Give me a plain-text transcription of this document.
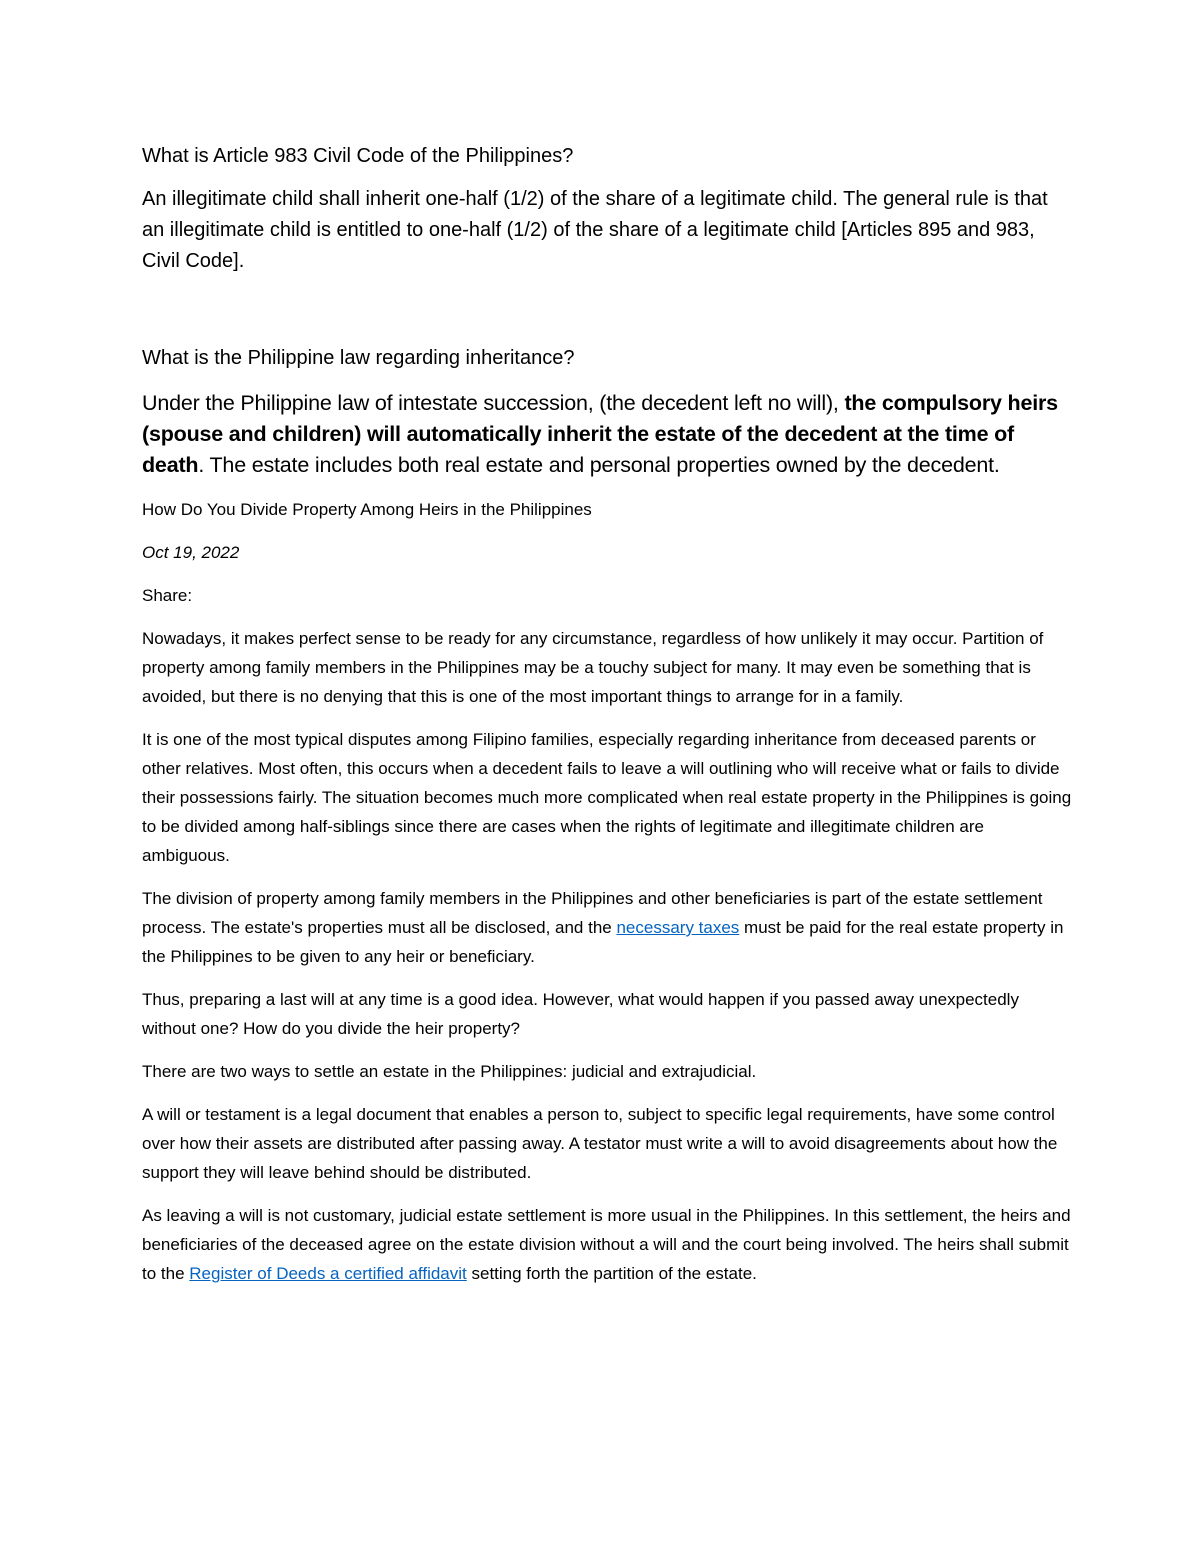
What is Article 983 Civil Code of the Philippines?

An illegitimate child shall inherit one-half (1/2) of the share of a legitimate child. The general rule is that an illegitimate child is entitled to one-half (1/2) of the share of a legitimate child [Articles 895 and 983, Civil Code].

What is the Philippine law regarding inheritance?

Under the Philippine law of intestate succession, (the decedent left no will), the compulsory heirs (spouse and children) will automatically inherit the estate of the decedent at the time of death. The estate includes both real estate and personal properties owned by the decedent.

How Do You Divide Property Among Heirs in the Philippines

Oct 19, 2022

Share:

Nowadays, it makes perfect sense to be ready for any circumstance, regardless of how unlikely it may occur. Partition of property among family members in the Philippines may be a touchy subject for many. It may even be something that is avoided, but there is no denying that this is one of the most important things to arrange for in a family.

It is one of the most typical disputes among Filipino families, especially regarding inheritance from deceased parents or other relatives. Most often, this occurs when a decedent fails to leave a will outlining who will receive what or fails to divide their possessions fairly. The situation becomes much more complicated when real estate property in the Philippines is going to be divided among half-siblings since there are cases when the rights of legitimate and illegitimate children are ambiguous.

The division of property among family members in the Philippines and other beneficiaries is part of the estate settlement process. The estate's properties must all be disclosed, and the necessary taxes must be paid for the real estate property in the Philippines to be given to any heir or beneficiary.

Thus, preparing a last will at any time is a good idea. However, what would happen if you passed away unexpectedly without one? How do you divide the heir property?

There are two ways to settle an estate in the Philippines: judicial and extrajudicial.

A will or testament is a legal document that enables a person to, subject to specific legal requirements, have some control over how their assets are distributed after passing away. A testator must write a will to avoid disagreements about how the support they will leave behind should be distributed.

As leaving a will is not customary, judicial estate settlement is more usual in the Philippines. In this settlement, the heirs and beneficiaries of the deceased agree on the estate division without a will and the court being involved. The heirs shall submit to the Register of Deeds a certified affidavit setting forth the partition of the estate.
